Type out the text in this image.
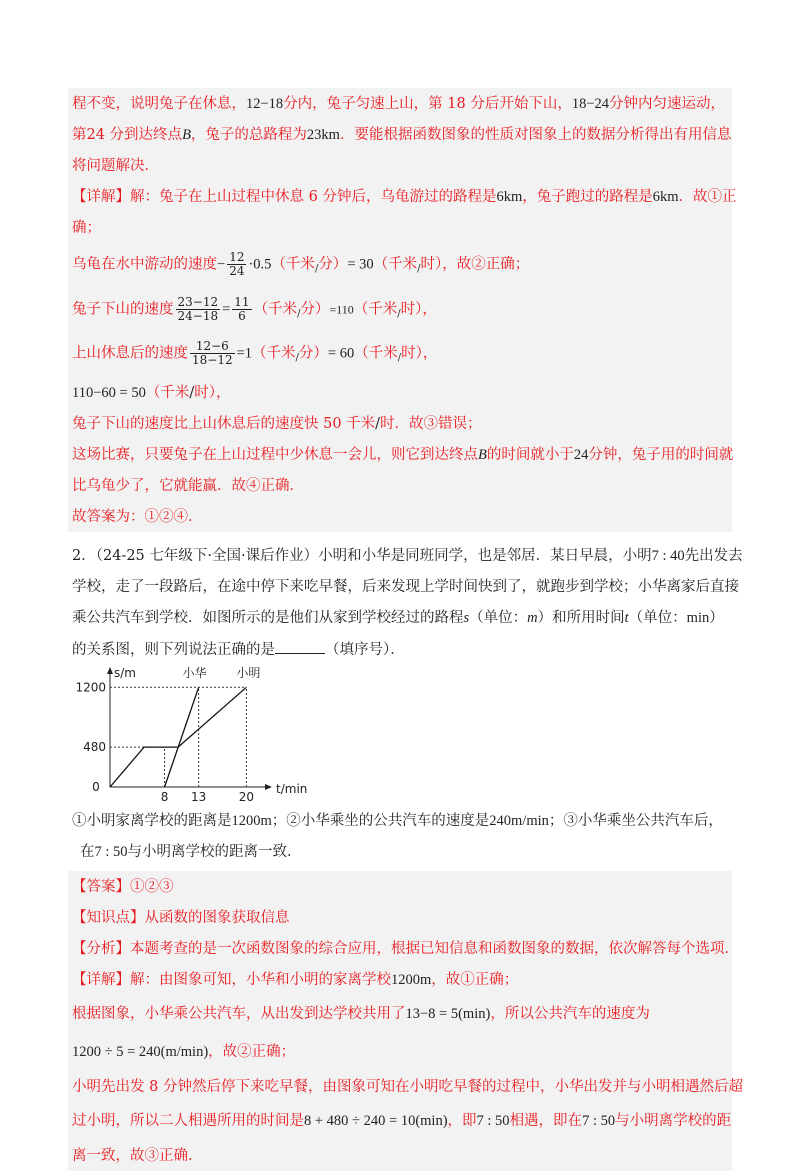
程不变，说明兔子在休息，12−18分内，兔子匀速上山，第 18 分后开始下山，18−24分钟内匀速运动，
第24 分到达终点B，兔子的总路程为23km．要能根据函数图象的性质对图象上的数据分析得出有用信息
将问题解决．
【详解】解：兔子在上山过程中休息 6 分钟后，乌龟游过的路程是6km，兔子跑过的路程是6km．故①正
确；
乌龟在水中游动的速度− $\frac{12}{24} \cdot 0.5$（千米$_/$分）= 30（千米$_/$时），故②正确；
兔子下山的速度 $\frac{23-12}{24-18} = \frac{11}{6}$ （千米$_/$分）=110（千米$_/$时），
上山休息后的速度 $\frac{12-6}{18-12} =1$（千米$_/$分）= 60（千米$_/$时），
110−60 = 50（千米/时），
兔子下山的速度比上山休息后的速度快 50 千米/时．故③错误；
这场比赛，只要兔子在上山过程中少休息一会儿，则它到达终点B的时间就小于24分钟，兔子用的时间就
比乌龟少了，它就能赢．故④正确．
故答案为：①②④．
2．（24-25 七年级下·全国·课后作业）小明和小华是同班同学，也是邻居．某日早晨，小明7 : 40先出发去
学校，走了一段路后，在途中停下来吃早餐，后来发现上学时间快到了，就跑步到学校；小华离家后直接
乘公共汽车到学校．如图所示的是他们从家到学校经过的路程s（单位：m）和所用时间t（单位：min）
的关系图，则下列说法正确的是	（填序号）．
小华 小明
0
8 13	20
480
1200
s/m
t/min
①小明家离学校的距离是1200m；②小华乘坐的公共汽车的速度是240m/min；③小华乘坐公共汽车后，
在7 : 50与小明离学校的距离一致．
【答案】①②③
【知识点】从函数的图象获取信息
【分析】本题考查的是一次函数图象的综合应用，根据已知信息和函数图象的数据，依次解答每个选项．
【详解】解：由图象可知，小华和小明的家离学校1200m，故①正确；
根据图象，小华乘公共汽车，从出发到达学校共用了13−8 = 5(min)，所以公共汽车的速度为
1200 ÷ 5 = 240(m/min)，故②正确；
小明先出发 8 分钟然后停下来吃早餐，由图象可知在小明吃早餐的过程中，小华出发并与小明相遇然后超
过小明，所以二人相遇所用的时间是8 + 480 ÷ 240 = 10(min)，即7 : 50相遇，即在7 : 50与小明离学校的距
离一致，故③正确．
